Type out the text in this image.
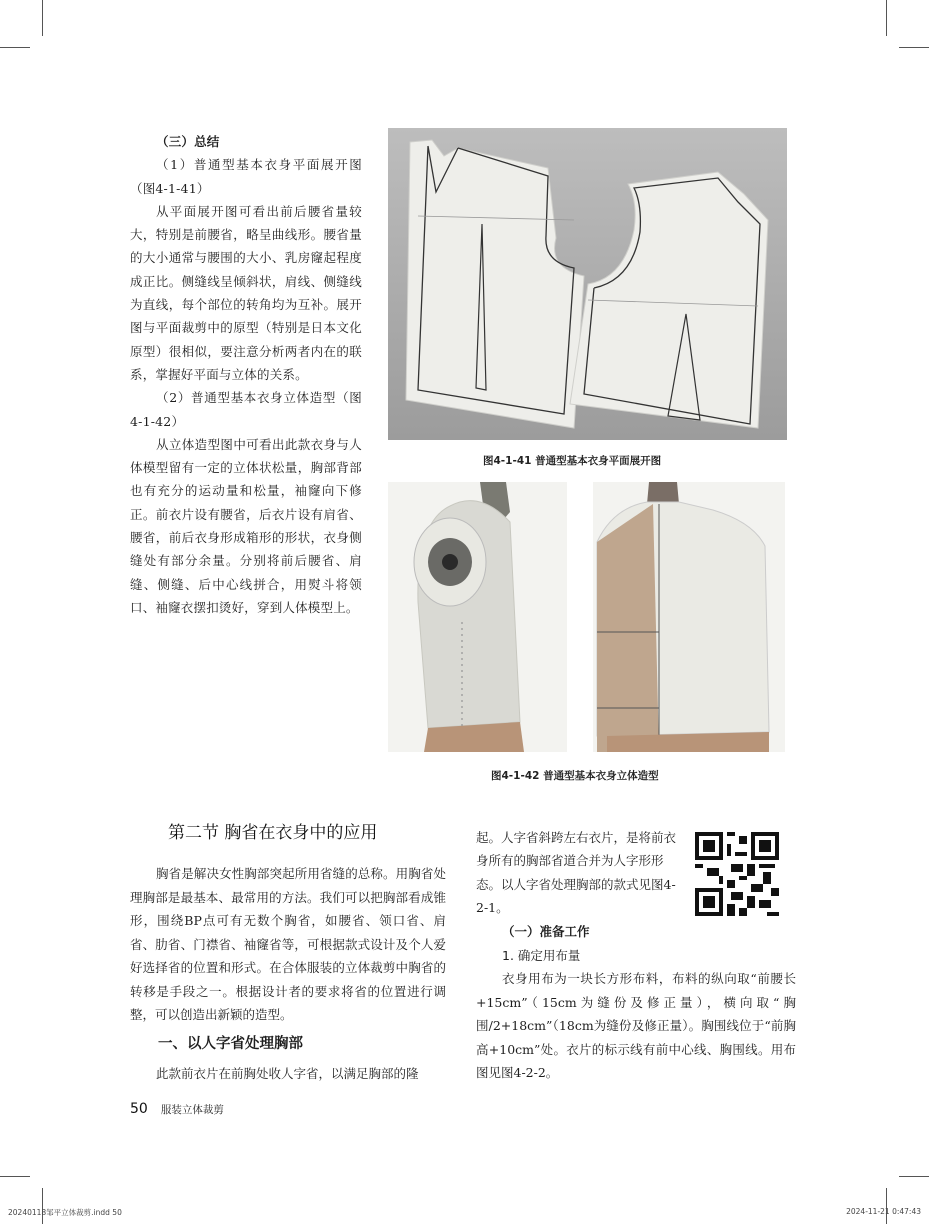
（三）总结

（1）普通型基本衣身平面展开图（图4-1-41）

从平面展开图可看出前后腰省量较大，特别是前腰省，略呈曲线形。腰省量的大小通常与腰围的大小、乳房窿起程度成正比。侧缝线呈倾斜状，肩线、侧缝线为直线，每个部位的转角均为互补。展开图与平面裁剪中的原型（特别是日本文化原型）很相似，要注意分析两者内在的联系，掌握好平面与立体的关系。

（2）普通型基本衣身立体造型（图4-1-42）

从立体造型图中可看出此款衣身与人体模型留有一定的立体状松量，胸部背部也有充分的运动量和松量，袖窿向下修正。前衣片设有腰省，后衣片设有肩省、腰省，前后衣身形成箱形的形状，衣身侧缝处有部分余量。分别将前后腰省、肩缝、侧缝、后中心线拼合，用熨斗将领口、袖窿衣摆扣烫好，穿到人体模型上。

图4-1-41 普通型基本衣身平面展开图
图4-1-42 普通型基本衣身立体造型
第二节 胸省在衣身中的应用

胸省是解决女性胸部突起所用省缝的总称。用胸省处理胸部是最基本、最常用的方法。我们可以把胸部看成锥形，围绕BP点可有无数个胸省，如腰省、领口省、肩省、肋省、门襟省、袖窿省等，可根据款式设计及个人爱好选择省的位置和形式。在合体服装的立体裁剪中胸省的转移是手段之一。根据设计者的要求将省的位置进行调整，可以创造出新颖的造型。

一、以人字省处理胸部
此款前衣片在前胸处收人字省，以满足胸部的隆
起。人字省斜跨左右衣片，是将前衣身所有的胸部省道合并为人字形形态。以人字省处理胸部的款式见图4-2-1。

（一）准备工作

1. 确定用布量

衣身用布为一块长方形布料，布料的纵向取“前腰长+15cm”（15cm为缝份及修正量），横向取“胸围/2+18cm”（18cm为缝份及修正量）。胸围线位于“前胸高+10cm”处。衣片的标示线有前中心线、胸围线。用布图见图4-2-2。

50 服装立体裁剪
20240118邹平立体裁剪.indd 50	2024-11-21 0:47:43
